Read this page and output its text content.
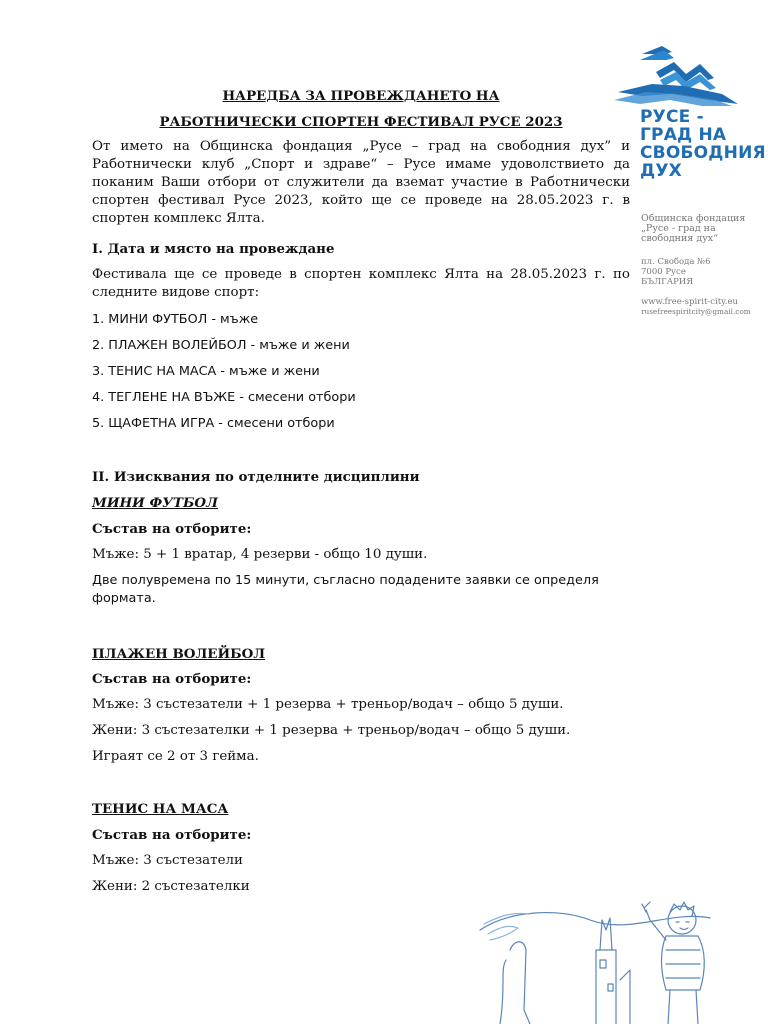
НАРЕДБА ЗА ПРОВЕЖДАНЕТО НА
РАБОТНИЧЕСКИ СПОРТЕН ФЕСТИВАЛ РУСЕ 2023
От името на Общинска фондация „Русе – град на свободния дух” и Работнически клуб „Спорт и здраве“ – Русе имаме удоволствието да поканим Ваши отбори от служители да вземат участие в Работнически спортен фестивал Русе 2023, който ще се проведе на 28.05.2023 г. в спортен комплекс Ялта.
I. Дата и място на провеждане
Фестивала ще се проведе в спортен комплекс Ялта на 28.05.2023 г. по следните видове спорт:
1. МИНИ ФУТБОЛ - мъже
2. ПЛАЖЕН ВОЛЕЙБОЛ - мъже и жени
3. ТЕНИС НА МАСА - мъже и жени
4. ТЕГЛЕНЕ НА ВЪЖЕ - смесени отбори
5. ЩАФЕТНА ИГРА - смесени отбори
II. Изисквания по отделните дисциплини
МИНИ ФУТБОЛ
Състав на отборите:
Мъже: 5 + 1 вратар, 4 резерви - общо 10 души.
Две полувремена по 15 минути, съгласно подадените заявки се определя формата.
ПЛАЖЕН ВОЛЕЙБОЛ
Състав на отборите:
Мъже: 3 състезатели + 1 резерва + треньор/водач – общо 5 души.
Жени: 3 състезателки + 1 резерва + треньор/водач – общо 5 души.
Играят се 2 от 3 гейма.
ТЕНИС НА МАСА
Състав на отборите:
Мъже: 3 състезатели
Жени: 2 състезателки
РУСЕ -
ГРАД НА
СВОБОДНИЯ
ДУХ
Общинска фондация
„Русе - град на
свободния дух“
пл. Свобода №6
7000 Русе
БЪЛГАРИЯ
www.free-spirit-city.eu
rusefreespiritcity@gmail.com
